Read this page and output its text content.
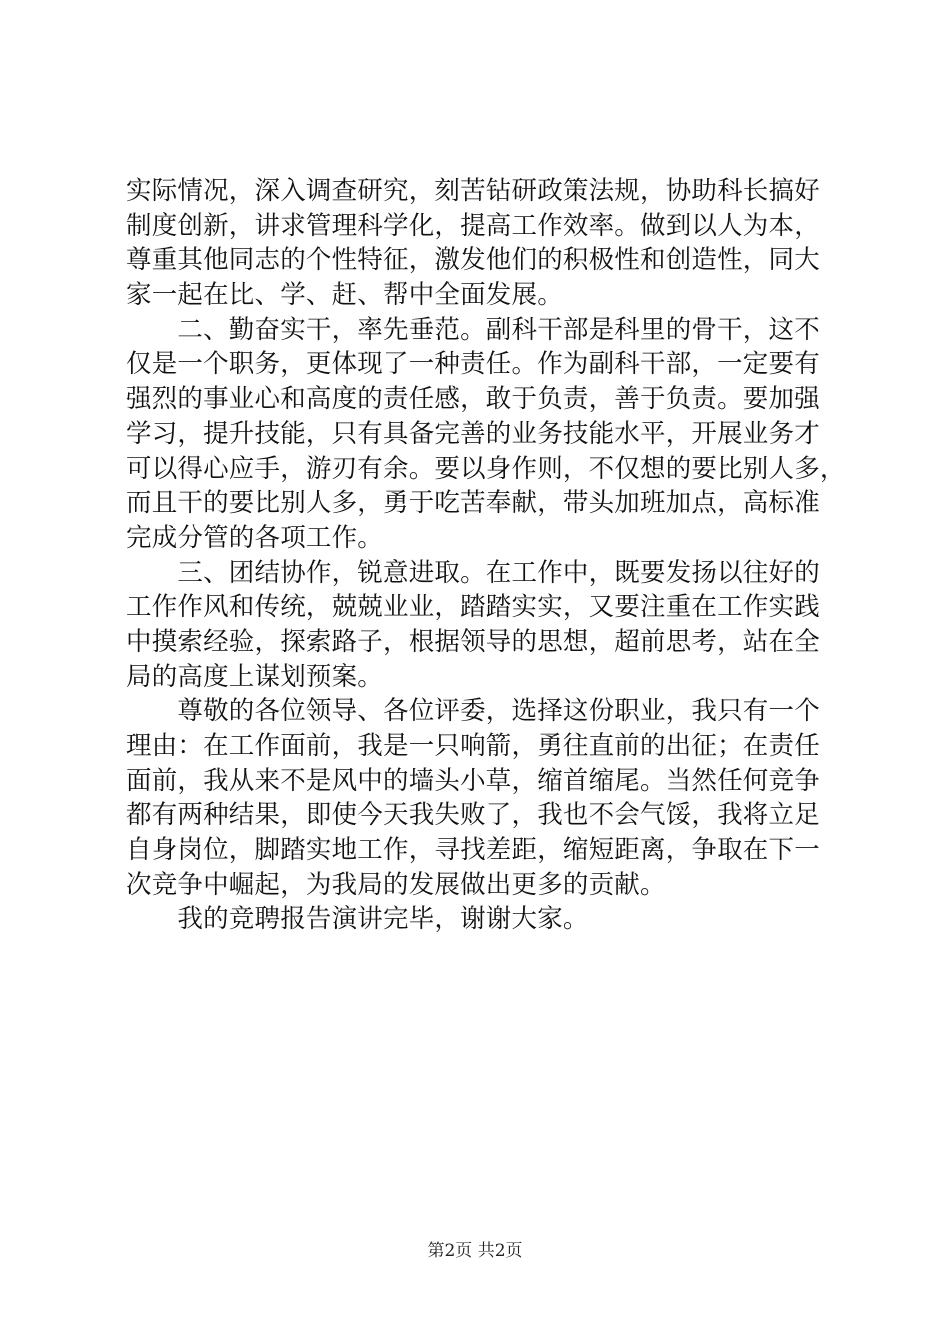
实际情况，深入调查研究，刻苦钻研政策法规，协助科长搞好
制度创新，讲求管理科学化，提高工作效率。做到以人为本，
尊重其他同志的个性特征，激发他们的积极性和创造性，同大
家一起在比、学、赶、帮中全面发展。
　　二、勤奋实干，率先垂范。副科干部是科里的骨干，这不
仅是一个职务，更体现了一种责任。作为副科干部，一定要有
强烈的事业心和高度的责任感，敢于负责，善于负责。要加强
学习，提升技能，只有具备完善的业务技能水平，开展业务才
可以得心应手，游刃有余。要以身作则，不仅想的要比别人多，
而且干的要比别人多，勇于吃苦奉献，带头加班加点，高标准
完成分管的各项工作。
　　三、团结协作，锐意进取。在工作中，既要发扬以往好的
工作作风和传统，兢兢业业，踏踏实实，又要注重在工作实践
中摸索经验，探索路子，根据领导的思想，超前思考，站在全
局的高度上谋划预案。
　　尊敬的各位领导、各位评委，选择这份职业，我只有一个
理由：在工作面前，我是一只响箭，勇往直前的出征；在责任
面前，我从来不是风中的墙头小草，缩首缩尾。当然任何竞争
都有两种结果，即使今天我失败了，我也不会气馁，我将立足
自身岗位，脚踏实地工作，寻找差距，缩短距离，争取在下一
次竞争中崛起，为我局的发展做出更多的贡献。
　　我的竞聘报告演讲完毕，谢谢大家。
第2页 共2页
